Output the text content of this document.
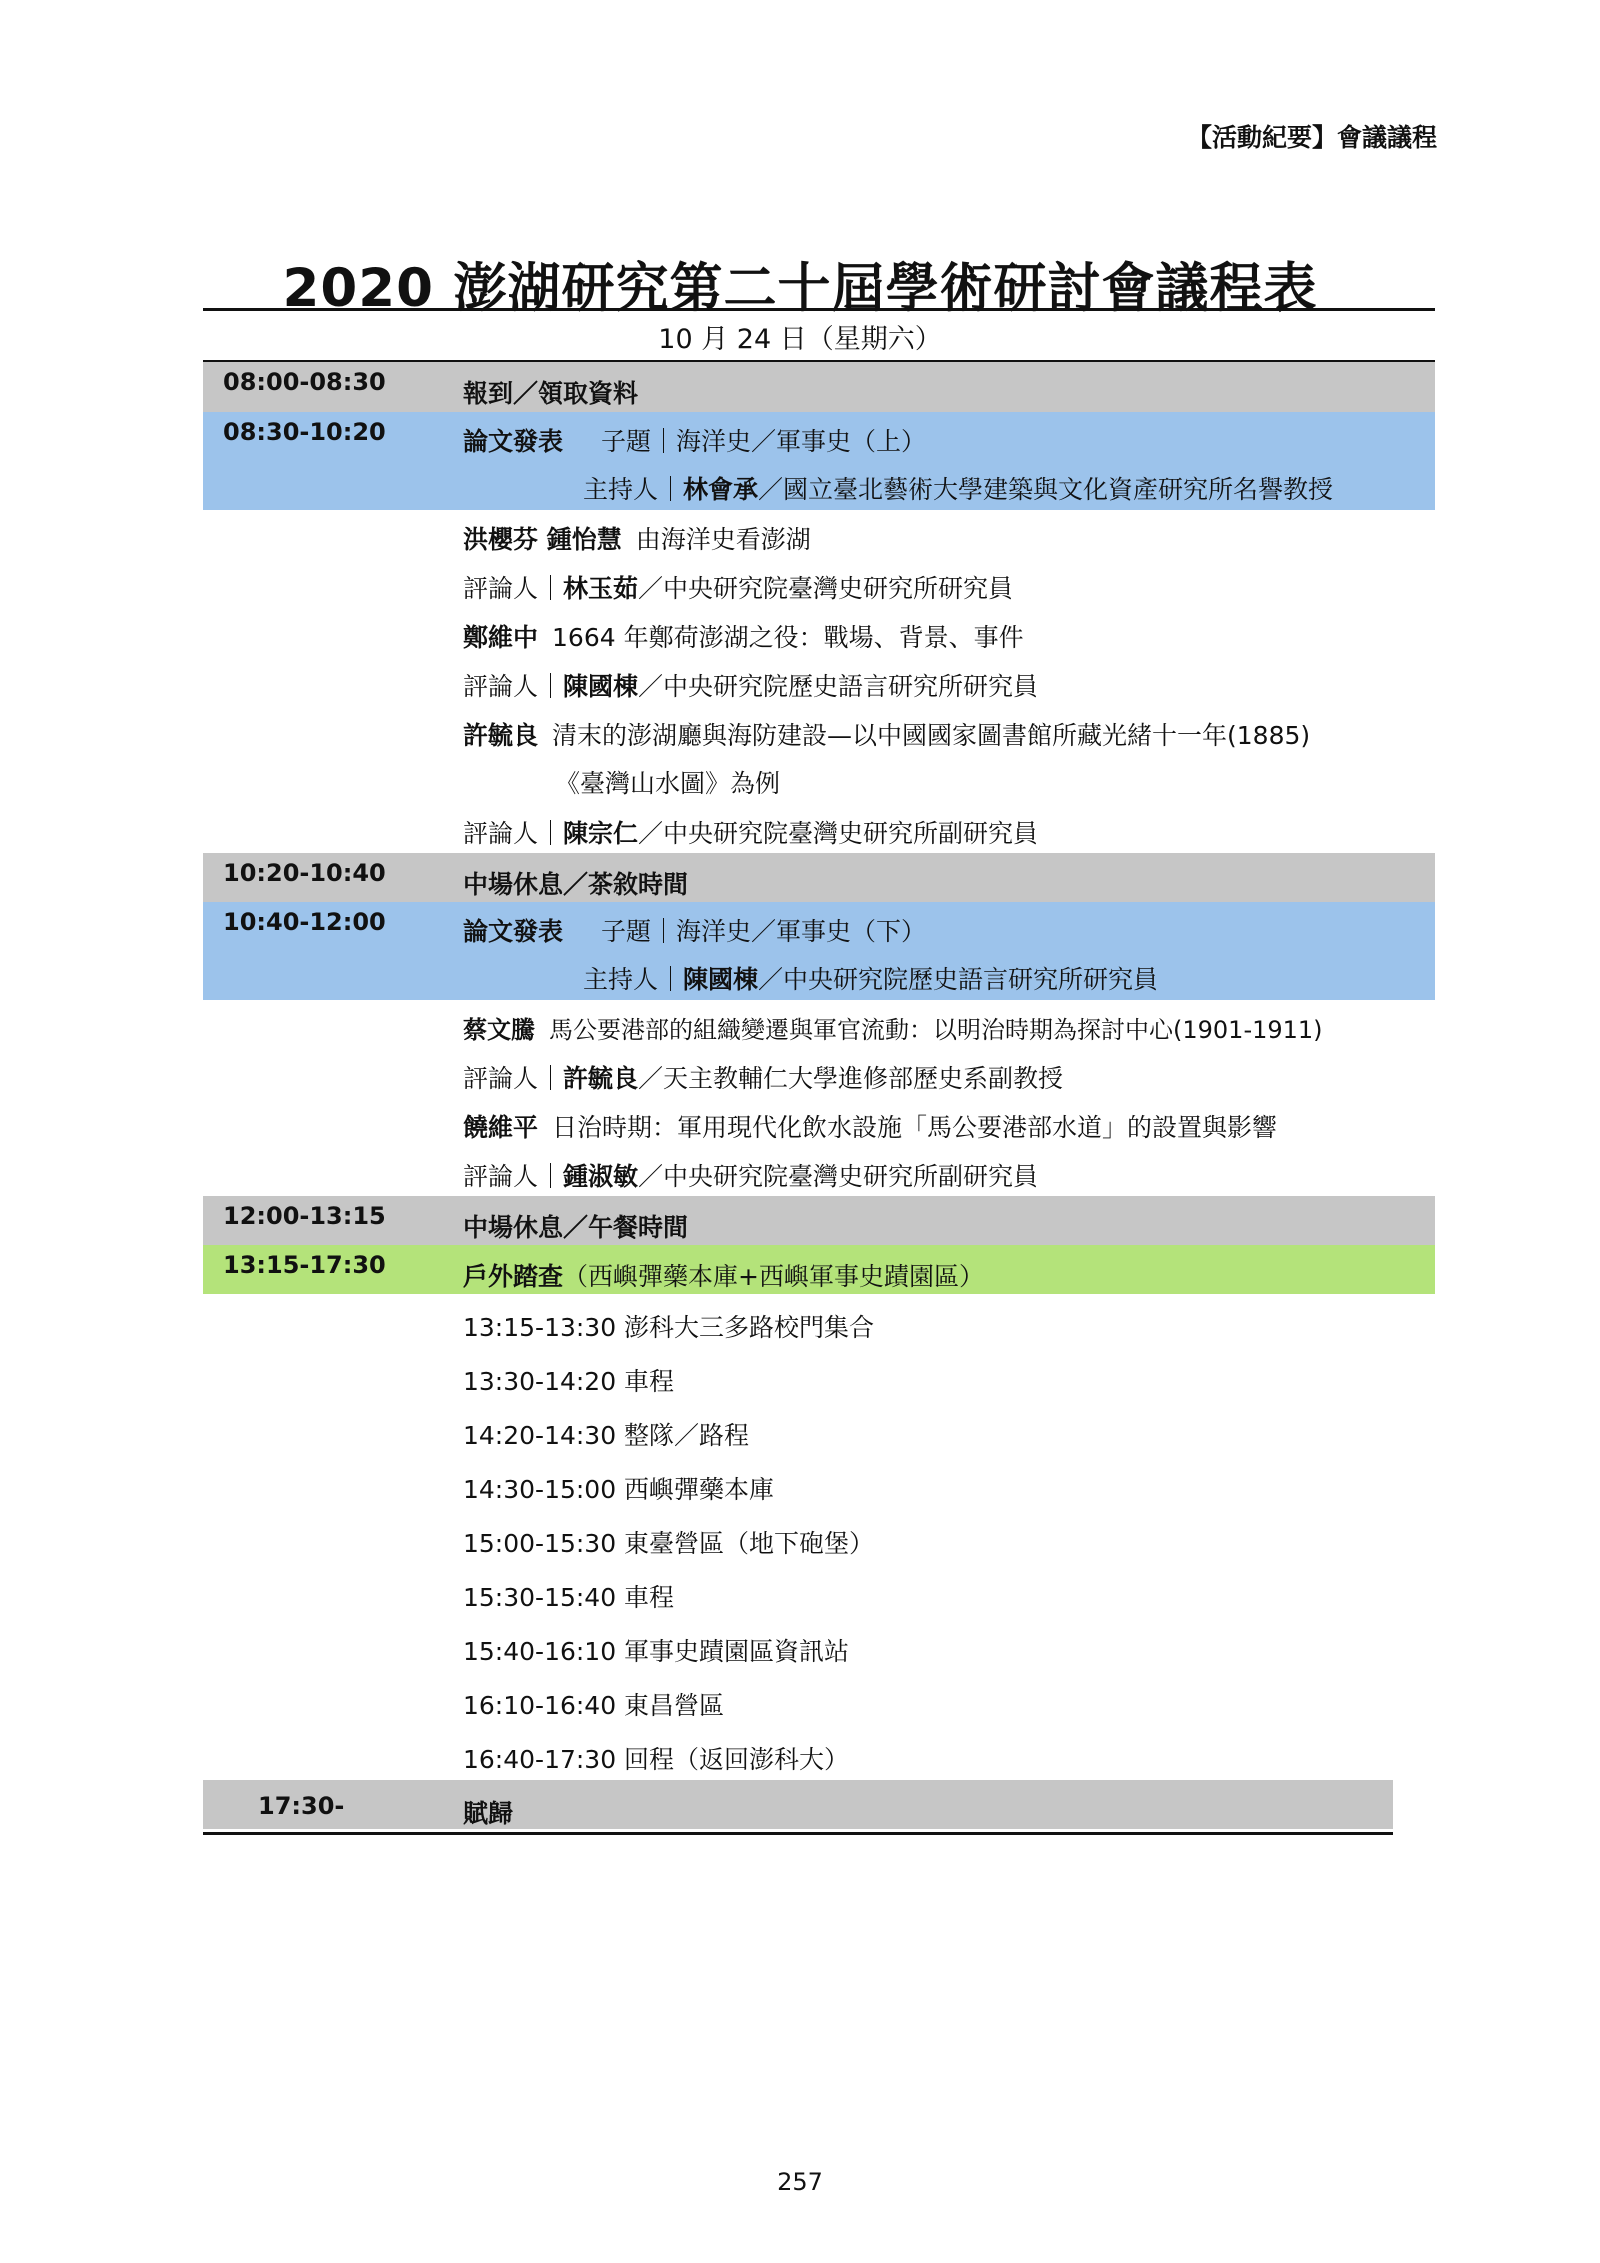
【活動紀要】會議議程
2020 澎湖研究第二十屆學術研討會議程表
10 月 24 日（星期六）
08:00-08:30	報到／領取資料
08:30-10:20	論文發表 子題｜海洋史／軍事史（上）
主持人｜林會承／國立臺北藝術大學建築與文化資產研究所名譽教授
洪櫻芬 鍾怡慧 由海洋史看澎湖
評論人｜林玉茹／中央研究院臺灣史研究所研究員
鄭維中 1664 年鄭荷澎湖之役：戰場、背景、事件
評論人｜陳國棟／中央研究院歷史語言研究所研究員
許毓良 清末的澎湖廳與海防建設—以中國國家圖書館所藏光緒十一年(1885)
《臺灣山水圖》為例
評論人｜陳宗仁／中央研究院臺灣史研究所副研究員
10:20-10:40	中場休息／茶敘時間
10:40-12:00	論文發表 子題｜海洋史／軍事史（下）
主持人｜陳國棟／中央研究院歷史語言研究所研究員
蔡文騰 馬公要港部的組織變遷與軍官流動：以明治時期為探討中心(1901-1911)
評論人｜許毓良／天主教輔仁大學進修部歷史系副教授
饒維平 日治時期：軍用現代化飲水設施「馬公要港部水道」的設置與影響
評論人｜鍾淑敏／中央研究院臺灣史研究所副研究員
12:00-13:15	中場休息／午餐時間
13:15-17:30	戶外踏查（西嶼彈藥本庫+西嶼軍事史蹟園區）
13:15-13:30 澎科大三多路校門集合
13:30-14:20 車程
14:20-14:30 整隊／路程
14:30-15:00 西嶼彈藥本庫
15:00-15:30 東臺營區（地下砲堡）
15:30-15:40 車程
15:40-16:10 軍事史蹟園區資訊站
16:10-16:40 東昌營區
16:40-17:30 回程（返回澎科大）
17:30-	賦歸
257
